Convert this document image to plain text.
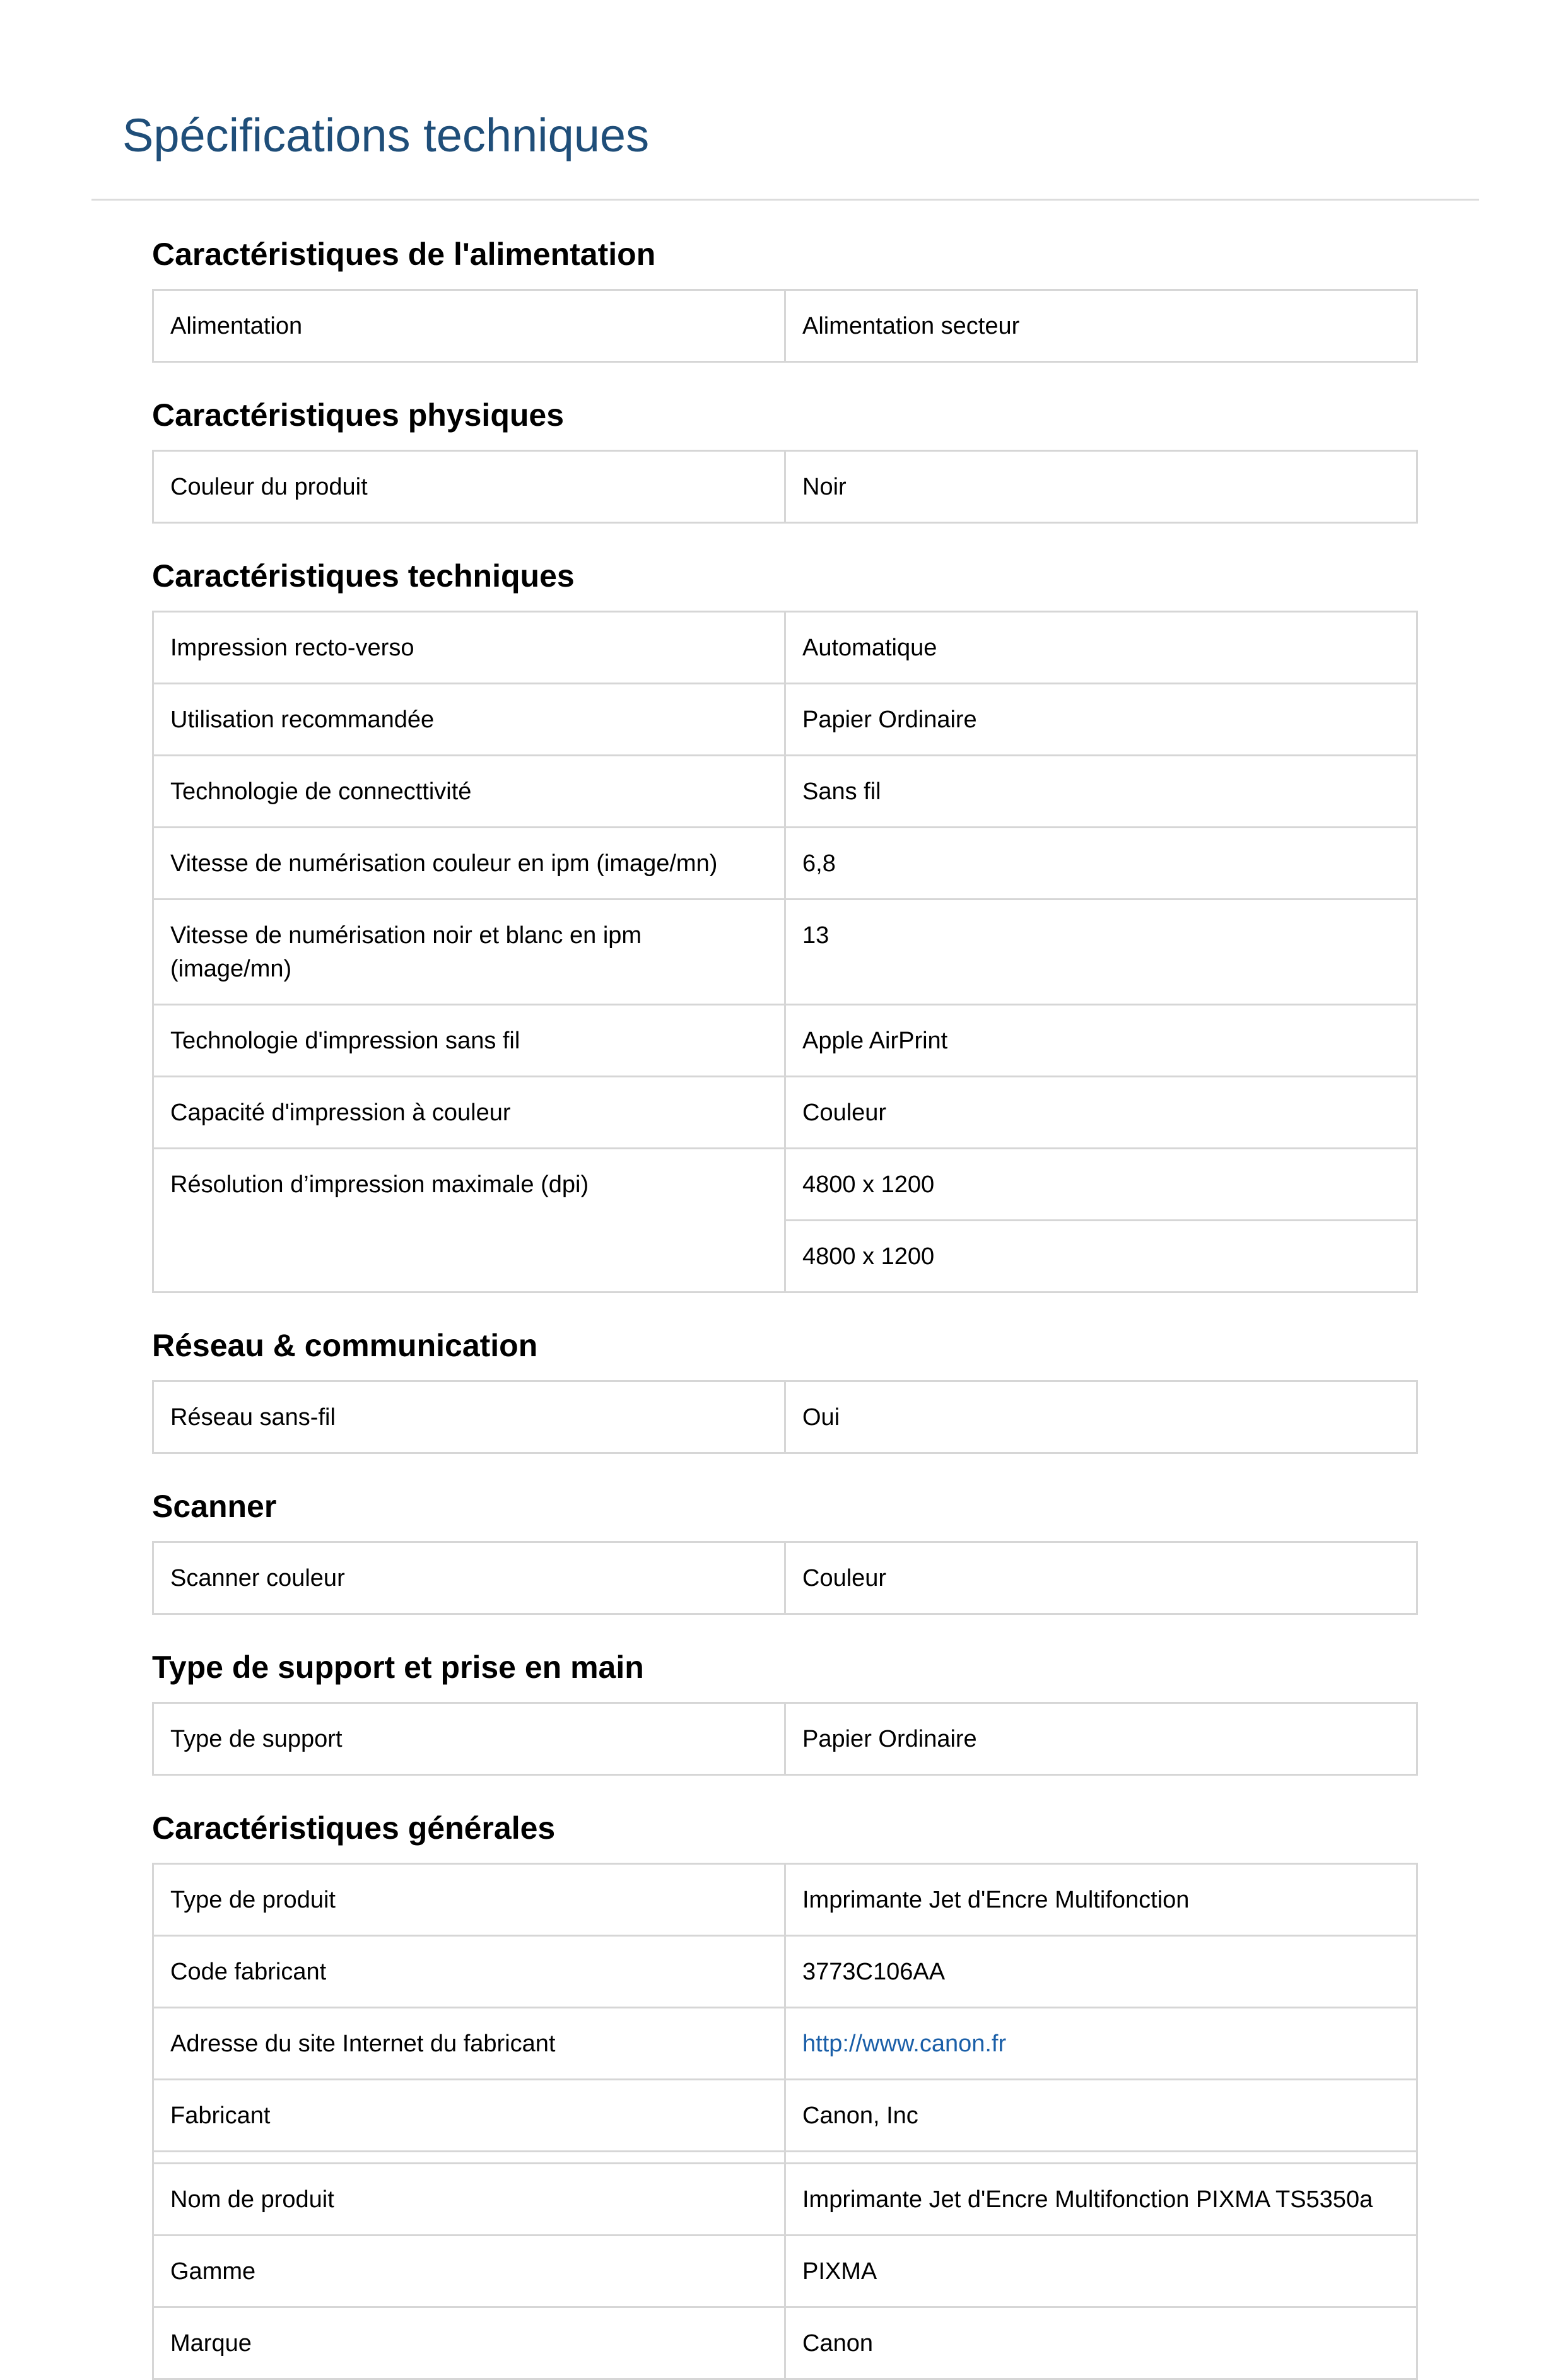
Spécifications techniques
Caractéristiques de l'alimentation
Alimentation	Alimentation secteur
Caractéristiques physiques
Couleur du produit	Noir
Caractéristiques techniques
Impression recto-verso	Automatique
Utilisation recommandée	Papier Ordinaire
Technologie de connecttivité	Sans fil
Vitesse de numérisation couleur en ipm (image/mn)	6,8
Vitesse de numérisation noir et blanc en ipm (image/mn)	13
Technologie d'impression sans fil	Apple AirPrint
Capacité d'impression à couleur	Couleur
Résolution d’impression maximale (dpi)	4800 x 1200
	4800 x 1200
Réseau & communication
Réseau sans-fil	Oui
Scanner
Scanner couleur	Couleur
Type de support et prise en main
Type de support	Papier Ordinaire
Caractéristiques générales
Type de produit	Imprimante Jet d'Encre Multifonction
Code fabricant	3773C106AA
Adresse du site Internet du fabricant	http://www.canon.fr
Fabricant	Canon, Inc

Nom de produit	Imprimante Jet d'Encre Multifonction PIXMA TS5350a
Gamme	PIXMA
Marque	Canon
